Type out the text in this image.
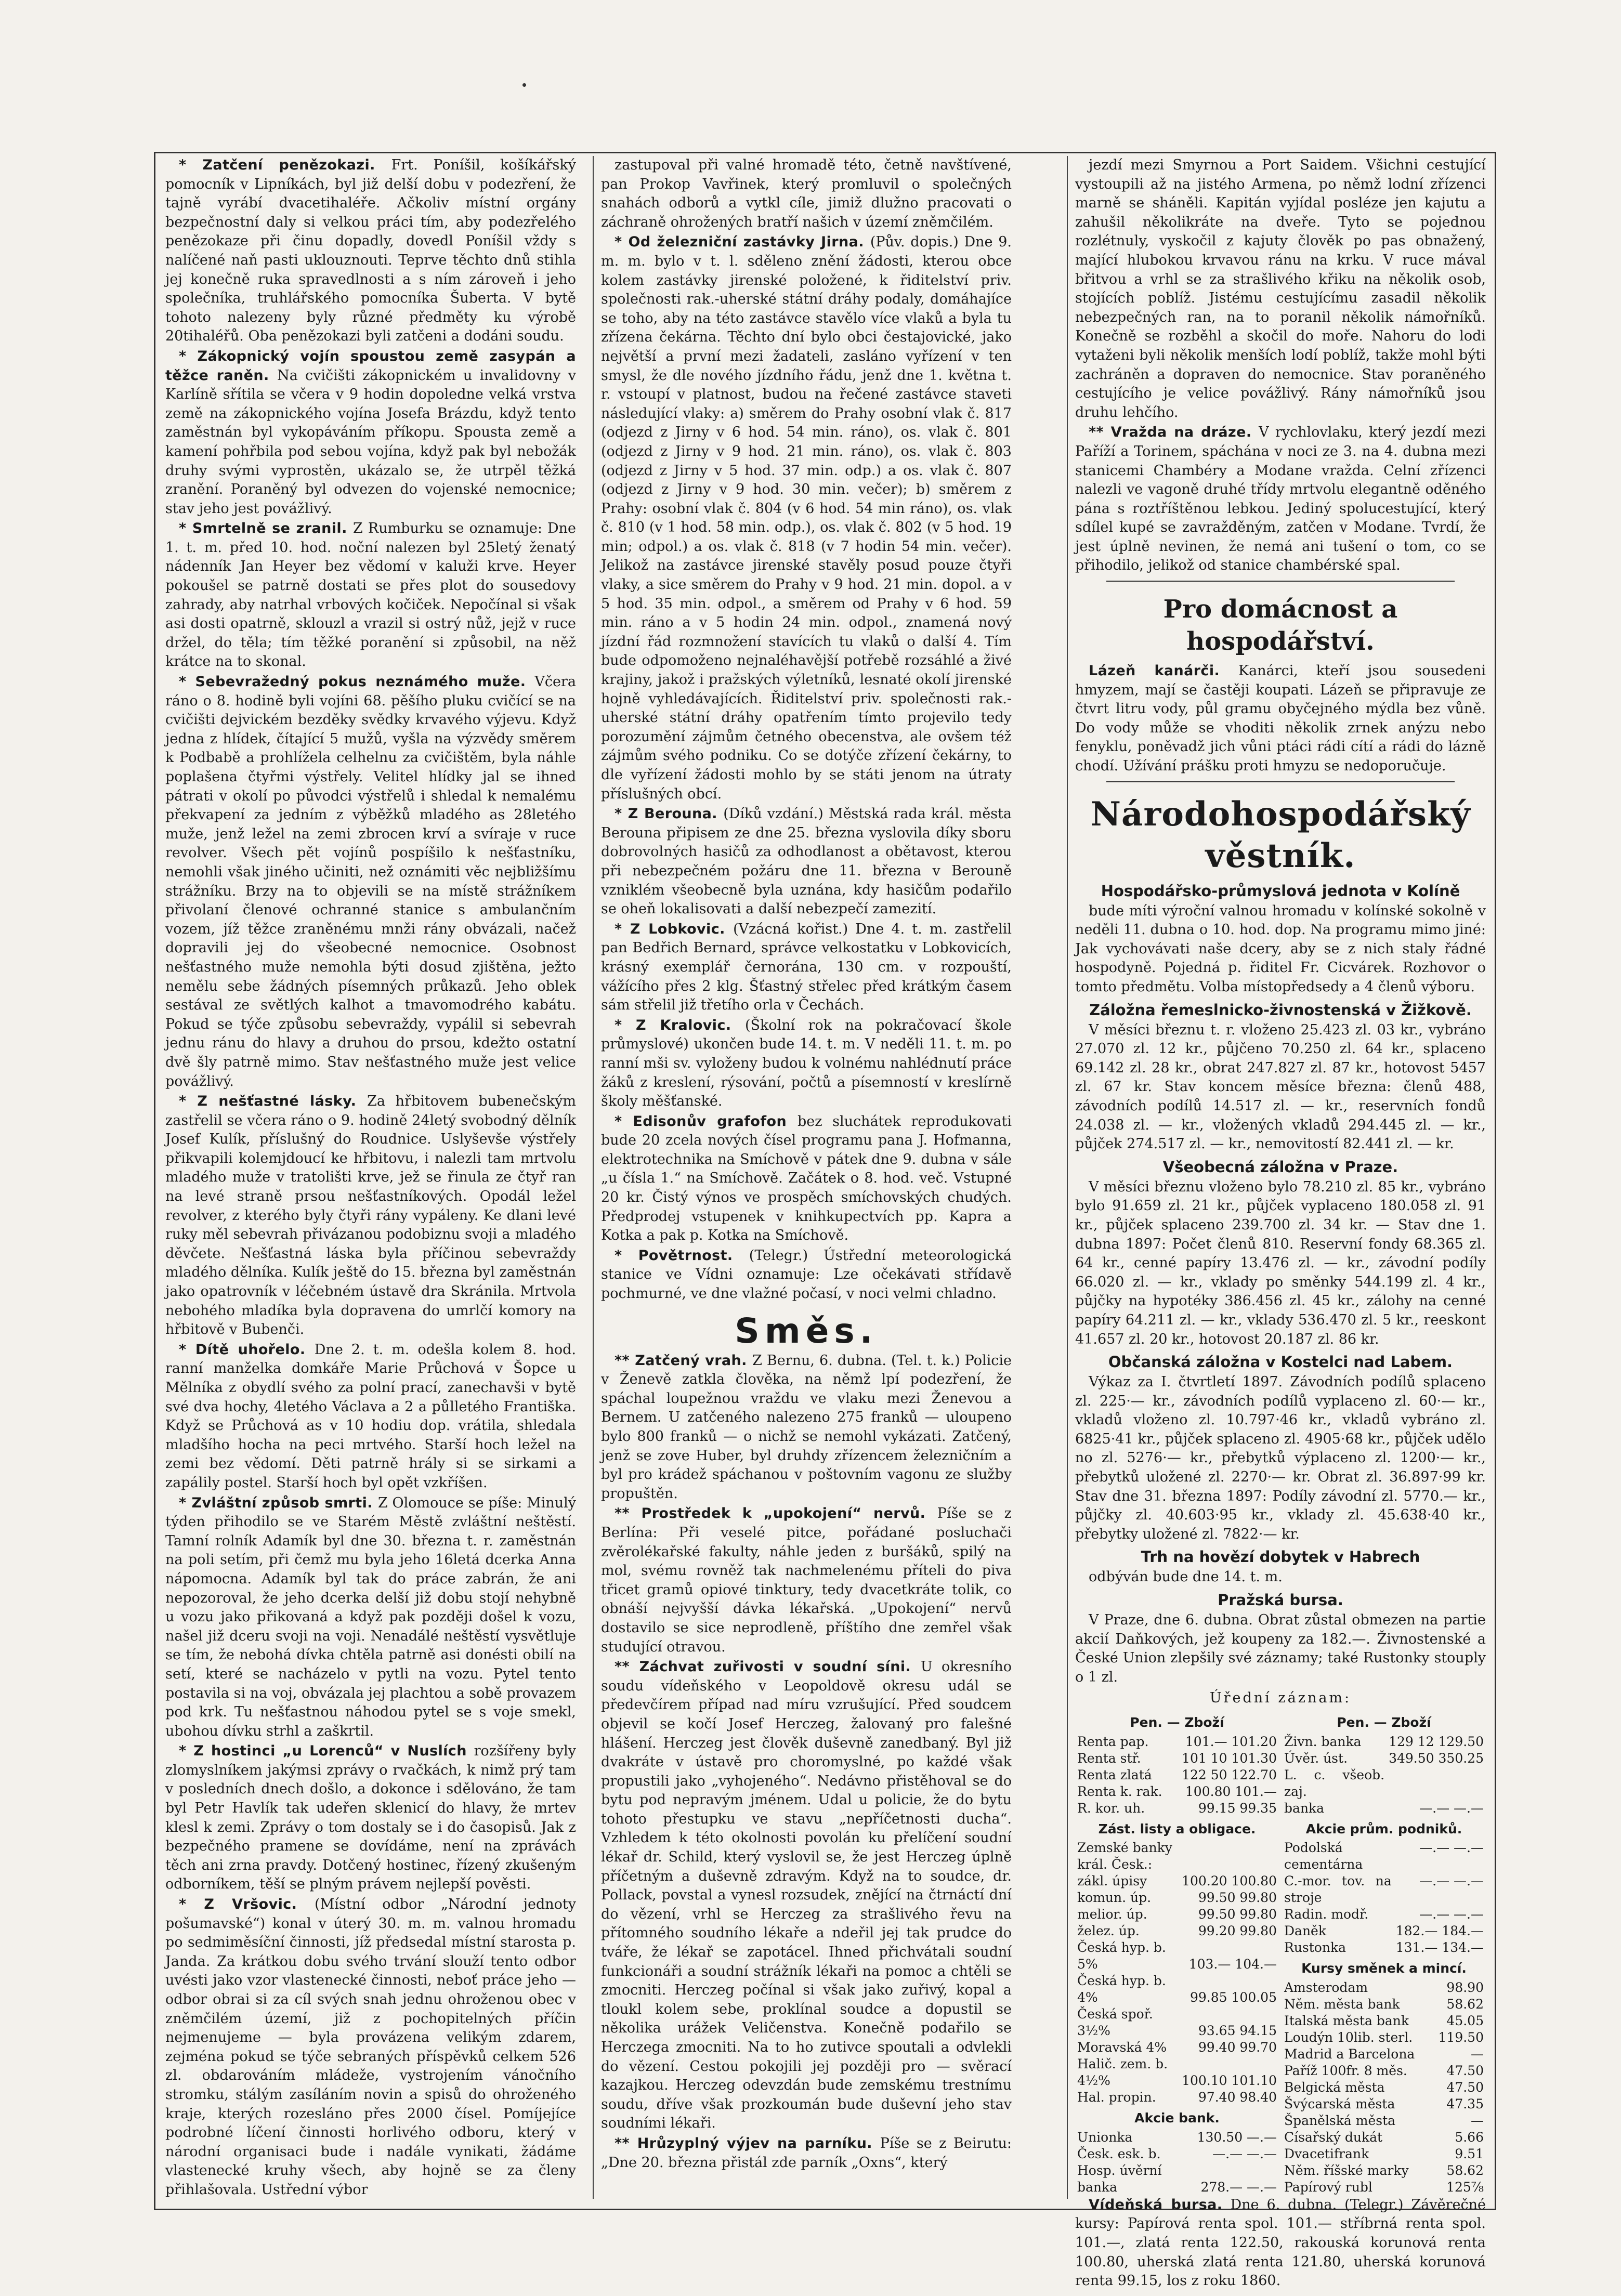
* Zatčení penězokazi. Frt. Poníšil, košíkářský pomocník v Lipníkách, byl již delší dobu v podezření, že tajně vyrábí dvacetihaléře. Ačkoliv místní orgány bezpečnostní daly si velkou práci tím, aby podezřelého penězokaze při činu dopadly, dovedl Poníšil vždy s nalíčené naň pasti uklouznouti. Teprve těchto dnů stihla jej konečně ruka spravedlnosti a s ním zároveň i jeho společníka, truhlářského pomocníka Šuberta. V bytě tohoto nalezeny byly různé předměty ku výrobě 20tihaléřů. Oba penězokazi byli zatčeni a dodáni soudu.
* Zákopnický vojín spoustou země zasypán a těžce raněn. Na cvičišti zákopnickém u invalidovny v Karlíně sřítila se včera v 9 hodin dopoledne velká vrstva země na zákopnického vojína Josefa Brázdu, když tento zaměstnán byl vykopáváním příkopu. Spousta země a kamení pohřbila pod sebou vojína, když pak byl nebožák druhy svými vyprostěn, ukázalo se, že utrpěl těžká zranění. Poraněný byl odvezen do vojenské nemocnice; stav jeho jest povážlivý.
* Smrtelně se zranil. Z Rumburku se oznamuje: Dne 1. t. m. před 10. hod. noční nalezen byl 25letý ženatý nádenník Jan Heyer bez vědomí v kaluži krve. Heyer pokoušel se patrně dostati se přes plot do sousedovy zahrady, aby natrhal vrbových kočiček. Nepočínal si však asi dosti opatrně, sklouzl a vrazil si ostrý nůž, jejž v ruce držel, do těla; tím těžké poranění si způsobil, na něž krátce na to skonal.
* Sebevražedný pokus neznámého muže. Včera ráno o 8. hodině byli vojíni 68. pěšího pluku cvičící se na cvičišti dejvickém bezděky svědky krvavého výjevu. Když jedna z hlídek, čítající 5 mužů, vyšla na výzvědy směrem k Podbabě a prohlížela celhelnu za cvičištěm, byla náhle poplašena čtyřmi výstřely. Velitel hlídky jal se ihned pátrati v okolí po původci výstřelů i shledal k nemalému překvapení za jedním z výběžků mladého as 28letého muže, jenž ležel na zemi zbrocen krví a svíraje v ruce revolver. Všech pět vojínů pospíšilo k nešťastníku, nemohli však jiného učiniti, než oznámiti věc nejbližšímu strážníku. Brzy na to objevili se na místě strážníkem přivolaní členové ochranné stanice s ambulančním vozem, jíž těžce zraněnému mnži rány obvázali, načež dopravili jej do všeobecné nemocnice. Osobnost nešťastného muže nemohla býti dosud zjištěna, ježto nemělu sebe žádných písemných průkazů. Jeho oblek sestával ze světlých kalhot a tmavomodrého kabátu. Pokud se týče způsobu sebevraždy, vypálil si sebevrah jednu ránu do hlavy a druhou do prsou, kdežto ostatní dvě šly patrně mimo. Stav nešťastného muže jest velice povážlivý.
* Z nešťastné lásky. Za hřbitovem bubenečským zastřelil se včera ráno o 9. hodině 24letý svobodný dělník Josef Kulík, příslušný do Roudnice. Uslyševše výstřely přikvapili kolemjdoucí ke hřbitovu, i nalezli tam mrtvolu mladého muže v tratolišti krve, jež se řinula ze čtyř ran na levé straně prsou nešťastníkových. Opodál ležel revolver, z kterého byly čtyři rány vypáleny. Ke dlani levé ruky měl sebevrah přivázanou podobiznu svoji a mladého děvčete. Nešťastná láska byla příčinou sebevraždy mladého dělníka. Kulík ještě do 15. března byl zaměstnán jako opatrovník v léčebném ústavě dra Skránila. Mrtvola nebohého mladíka byla dopravena do umrlčí komory na hřbitově v Bubenči.
* Dítě uhořelo. Dne 2. t. m. odešla kolem 8. hod. ranní manželka domkáře Marie Průchová v Šopce u Mělníka z obydlí svého za polní prací, zanechavši v bytě své dva hochy, 4letého Václava a 2 a půlletého Františka. Když se Průchová as v 10 hodiu dop. vrátila, shledala mladšího hocha na peci mrtvého. Starší hoch ležel na zemi bez vědomí. Děti patrně hrály si se sirkami a zapálily postel. Starší hoch byl opět vzkříšen.
* Zvláštní způsob smrti. Z Olomouce se píše: Minulý týden přihodilo se ve Starém Městě zvláštní neštěstí. Tamní rolník Adamík byl dne 30. března t. r. zaměstnán na poli setím, při čemž mu byla jeho 16letá dcerka Anna nápomocna. Adamík byl tak do práce zabrán, že ani nepozoroval, že jeho dcerka delší již dobu stojí nehybně u vozu jako přikovaná a když pak později došel k vozu, našel již dceru svoji na voji. Nenadálé neštěstí vysvětluje se tím, že nebohá dívka chtěla patrně asi donésti obilí na setí, které se nacházelo v pytli na vozu. Pytel tento postavila si na voj, obvázala jej plachtou a sobě provazem pod krk. Tu nešťastnou náhodou pytel se s voje smekl, ubohou dívku strhl a zaškrtil.
* Z hostinci „u Lorenců“ v Nuslích rozšířeny byly zlomyslníkem jakýmsi zprávy o rvačkách, k nimž prý tam v posledních dnech došlo, a dokonce i sdělováno, že tam byl Petr Havlík tak udeřen sklenicí do hlavy, že mrtev klesl k zemi. Zprávy o tom dostaly se i do časopisů. Jak z bezpečného pramene se dovídáme, není na zprávách těch ani zrna pravdy. Dotčený hostinec, řízený zkušeným odborníkem, těší se plným právem nejlepší pověsti.
* Z Vršovic. (Místní odbor „Národní jednoty pošumavské“) konal v úterý 30. m. m. valnou hromadu po sedmiměsíční činnosti, jíž předsedal místní starosta p. Janda. Za krátkou dobu svého trvání slouží tento odbor uvésti jako vzor vlastenecké činnosti, neboť práce jeho — odbor obrai si za cíl svých snah jednu ohroženou obec v zněmčilém území, již z pochopitelných příčin nejmenujeme — byla provázena velikým zdarem, zejména pokud se týče sebraných příspěvků celkem 526 zl. obdarováním mládeže, vystrojením vánočního stromku, stálým zasíláním novin a spisů do ohroženého kraje, kterých rozesláno přes 2000 čísel. Pomíjejíce podrobné líčení činnosti horlivého odboru, který v národní organisaci bude i nadále vynikati, žádáme vlastenecké kruhy všech, aby hojně se za členy přihlašovala. Ustřední výbor
zastupoval při valné hromadě této, četně navštívené, pan Prokop Vavřinek, který promluvil o společných snahách odborů a vytkl cíle, jimiž dlužno pracovati o záchraně ohrožených bratří našich v území zněmčilém.
* Od železniční zastávky Jirna. (Pův. dopis.) Dne 9. m. m. bylo v t. l. sděleno znění žádosti, kterou obce kolem zastávky jirenské položené, k řiditelství priv. společnosti rak.-uherské státní dráhy podaly, domáhajíce se toho, aby na této zastávce stavělo více vlaků a byla tu zřízena čekárna. Těchto dní bylo obci čestajovické, jako největší a první mezi žadateli, zasláno vyřízení v ten smysl, že dle nového jízdního řádu, jenž dne 1. května t. r. vstoupí v platnost, budou na řečené zastávce staveti následující vlaky: a) směrem do Prahy osobní vlak č. 817 (odjezd z Jirny v 6 hod. 54 min. ráno), os. vlak č. 801 (odjezd z Jirny v 9 hod. 21 min. ráno), os. vlak č. 803 (odjezd z Jirny v 5 hod. 37 min. odp.) a os. vlak č. 807 (odjezd z Jirny v 9 hod. 30 min. večer); b) směrem z Prahy: osobní vlak č. 804 (v 6 hod. 54 min ráno), os. vlak č. 810 (v 1 hod. 58 min. odp.), os. vlak č. 802 (v 5 hod. 19 min; odpol.) a os. vlak č. 818 (v 7 hodin 54 min. večer). Jelikož na zastávce jirenské stavěly posud pouze čtyři vlaky, a sice směrem do Prahy v 9 hod. 21 min. dopol. a v 5 hod. 35 min. odpol., a směrem od Prahy v 6 hod. 59 min. ráno a v 5 hodin 24 min. odpol., znamená nový jízdní řád rozmnožení stavících tu vlaků o další 4. Tím bude odpomoženo nejnaléhavější potřebě rozsáhlé a živé krajiny, jakož i pražských výletníků, lesnaté okolí jirenské hojně vyhledávajících. Řiditelství priv. společnosti rak.-uherské státní dráhy opatřením tímto projevilo tedy porozumění zájmům četného obecenstva, ale ovšem též zájmům svého podniku. Co se dotýče zřízení čekárny, to dle vyřízení žádosti mohlo by se státi jenom na útraty příslušných obcí.
* Z Berouna. (Díků vzdání.) Městská rada král. města Berouna připisem ze dne 25. března vyslovila díky sboru dobrovolných hasičů za odhodlanost a obětavost, kterou při nebezpečném požáru dne 11. března v Berouně vzniklém všeobecně byla uznána, kdy hasičům podařilo se oheň lokalisovati a další nebezpečí zamezití.
* Z Lobkovic. (Vzácná kořist.) Dne 4. t. m. zastřelil pan Bedřich Bernard, správce velkostatku v Lobkovicích, krásný exemplář černorána, 130 cm. v rozpouští, vážícího přes 2 klg. Šťastný střelec před krátkým časem sám střelil již třetího orla v Čechách.
* Z Kralovic. (Školní rok na pokračovací škole průmyslové) ukončen bude 14. t. m. V neděli 11. t. m. po ranní mši sv. vyloženy budou k volnému nahlédnutí práce žáků z kreslení, rýsování, počtů a písemností v kreslírně školy měšťanské.
* Edisonův grafofon bez sluchátek reprodukovati bude 20 zcela nových čísel programu pana J. Hofmanna, elektrotechnika na Smíchově v pátek dne 9. dubna v sále „u čísla 1.“ na Smíchově. Začátek o 8. hod. več. Vstupné 20 kr. Čistý výnos ve prospěch smíchovských chudých. Předprodej vstupenek v knihkupectvích pp. Kapra a Kotka a pak p. Kotka na Smíchově.
* Povětrnost. (Telegr.) Ústřední meteorologická stanice ve Vídni oznamuje: Lze očekávati střídavě pochmurné, ve dne vlažné počasí, v noci velmi chladno.
Směs.
** Zatčený vrah. Z Bernu, 6. dubna. (Tel. t. k.) Policie v Ženevě zatkla člověka, na němž lpí podezření, že spáchal loupežnou vraždu ve vlaku mezi Ženevou a Bernem. U zatčeného nalezeno 275 franků — uloupeno bylo 800 franků — o nichž se nemohl vykázati. Zatčený, jenž se zove Huber, byl druhdy zřízencem železničním a byl pro krádež spáchanou v poštovním vagonu ze služby propuštěn.
** Prostředek k „upokojení“ nervů. Píše se z Berlína: Při veselé pitce, pořádané posluchači zvěrolékařské fakulty, náhle jeden z buršáků, spilý na mol, svému rovněž tak nachmelenému příteli do piva třicet gramů opiové tinktury, tedy dvacetkráte tolik, co obnáší nejvyšší dávka lékařská. „Upokojení“ nervů dostavilo se sice neprodleně, příštího dne zemřel však studující otravou.
** Záchvat zuřivosti v soudní síni. U okresního soudu vídeňského v Leopoldově okresu udál se předevčírem případ nad míru vzrušující. Před soudcem objevil se kočí Josef Herczeg, žalovaný pro falešné hlášení. Herczeg jest člověk duševně zanedbaný. Byl již dvakráte v ústavě pro choromyslné, po každé však propustili jako „vyhojeného“. Nedávno přistěhoval se do bytu pod nepravým jménem. Udal u policie, že do bytu tohoto přestupku ve stavu „nepříčetnosti ducha“. Vzhledem k této okolnosti povolán ku přelíčení soudní lékař dr. Schild, který vyslovil se, že jest Herczeg úplně příčetným a duševně zdravým. Když na to soudce, dr. Pollack, povstal a vynesl rozsudek, znějící na čtrnáctí dní do vězení, vrhl se Herczeg za strašlivého řevu na přítomného soudního lékaře a ndeřil jej tak prudce do tváře, že lékař se zapotácel. Ihned přichvátali soudní funkcionáři a soudní strážník lékaři na pomoc a chtěli se zmocniti. Herczeg počínal si však jako zuřivý, kopal a tloukl kolem sebe, proklínal soudce a dopustil se několika urážek Veličenstva. Konečně podařilo se Herczega zmocniti. Na to ho zutivce spoutali a odvlekli do vězení. Cestou pokojili jej později pro — svěrací kazajkou. Herczeg odevzdán bude zemskému trestnímu soudu, dříve však prozkoumán bude duševní jeho stav soudními lékaři.
** Hrůzyplný výjev na parníku. Píše se z Beirutu: „Dne 20. března přistál zde parník „Oxns“, který
jezdí mezi Smyrnou a Port Saidem. Všichni cestující vystoupili až na jistého Armena, po němž lodní zřízenci marně se sháněli. Kapitán vyjídal posléze jen kajutu a zahušil několikráte na dveře. Tyto se pojednou rozlétnuly, vyskočil z kajuty člověk po pas obnažený, mající hlubokou krvavou ránu na krku. V ruce mával břitvou a vrhl se za strašlivého křiku na několik osob, stojících poblíž. Jistému cestujícímu zasadil několik nebezpečných ran, na to poranil několik námořníků. Konečně se rozběhl a skočil do moře. Nahoru do lodi vytaženi byli několik menších lodí poblíž, takže mohl býti zachráněn a dopraven do nemocnice. Stav poraněného cestujícího je velice povážlivý. Rány námořníků jsou druhu lehčího.
** Vražda na dráze. V rychlovlaku, který jezdí mezi Paříží a Torinem, spáchána v noci ze 3. na 4. dubna mezi stanicemi Chambéry a Modane vražda. Celní zřízenci nalezli ve vagoně druhé třídy mrtvolu elegantně oděného pána s roztříštěnou lebkou. Jediný spolucestující, který sdílel kupé se zavražděným, zatčen v Modane. Tvrdí, že jest úplně nevinen, že nemá ani tušení o tom, co se přihodilo, jelikož od stanice chambérské spal.
Pro domácnost a hospodářství.
Lázeň kanárči. Kanárci, kteří jsou sousedeni hmyzem, mají se častěji koupati. Lázeň se připravuje ze čtvrt litru vody, půl gramu obyčejného mýdla bez vůně. Do vody může se vhoditi několik zrnek anýzu nebo fenyklu, poněvadž jich vůni ptáci rádi cítí a rádi do lázně chodí. Užívání prášku proti hmyzu se nedoporučuje.
Národohospodářský věstník.
Hospodářsko-průmyslová jednota v Kolíně
bude míti výroční valnou hromadu v kolínské sokolně v neděli 11. dubna o 10. hod. dop. Na programu mimo jiné: Jak vychovávati naše dcery, aby se z nich staly řádné hospodyně. Pojedná p. řiditel Fr. Cicvárek. Rozhovor o tomto předmětu. Volba místopředsedy a 4 členů výboru.
Záložna řemeslnicko-živnostenská v Žižkově.
V měsíci březnu t. r. vloženo 25.423 zl. 03 kr., vybráno 27.070 zl. 12 kr., půjčeno 70.250 zl. 64 kr., splaceno 69.142 zl. 28 kr., obrat 247.827 zl. 87 kr., hotovost 5457 zl. 67 kr. Stav koncem měsíce března: členů 488, závodních podílů 14.517 zl. — kr., reservních fondů 24.038 zl. — kr., vložených vkladů 294.445 zl. — kr., půjček 274.517 zl. — kr., nemovitostí 82.441 zl. — kr.
Všeobecná záložna v Praze.
V měsíci březnu vloženo bylo 78.210 zl. 85 kr., vybráno bylo 91.659 zl. 21 kr., půjček vyplaceno 180.058 zl. 91 kr., půjček splaceno 239.700 zl. 34 kr. — Stav dne 1. dubna 1897: Počet členů 810. Reservní fondy 68.365 zl. 64 kr., cenné papíry 13.476 zl. — kr., závodní podíly 66.020 zl. — kr., vklady po směnky 544.199 zl. 4 kr., půjčky na hypotéky 386.456 zl. 45 kr., zálohy na cenné papíry 64.211 zl. — kr., vklady 536.470 zl. 5 kr., reeskont 41.657 zl. 20 kr., hotovost 20.187 zl. 86 kr.
Občanská záložna v Kostelci nad Labem.
Výkaz za I. čtvrtletí 1897. Závodních podílů splaceno zl. 225·— kr., závodních podílů vyplaceno zl. 60·— kr., vkladů vloženo zl. 10.797·46 kr., vkladů vybráno zl. 6825·41 kr., půjček splaceno zl. 4905·68 kr., půjček udělo no zl. 5276·— kr., přebytků výplaceno zl. 1200·— kr., přebytků uložené zl. 2270·— kr. Obrat zl. 36.897·99 kr. Stav dne 31. března 1897: Podíly závodní zl. 5770.— kr., půjčky zl. 40.603·95 kr., vklady zl. 45.638·40 kr., přebytky uložené zl. 7822·— kr.
Trh na hovězí dobytek v Habrech
odbýván bude dne 14. t. m.
Pražská bursa.
V Praze, dne 6. dubna. Obrat zůstal obmezen na partie akcií Daňkových, jež koupeny za 182.—. Živnostenské a České Union zlepšily své záznamy; také Rustonky stouply o 1 zl.
Úřední záznam:
Pen. — Zboží
Renta pap.	101.— 101.20
Renta stř.	101 10 101.30
Renta zlatá	122 50 122.70
Renta k. rak.	100.80 101.—
R. kor. uh.	99.15 99.35
Zást. listy a obligace.
Zemské banky	
král. Česk.:	
zákl. úpisy	100.20 100.80
komun. úp.	99.50 99.80
melior. úp.	99.50 99.80
želez. úp.	99.20 99.80
Česká hyp. b.	
5%	103.— 104.—
Česká hyp. b.	
4%	99.85 100.05
Česká spoř.	
3½%	93.65 94.15
Moravská 4%	99.40 99.70
Halič. zem. b.	
4½%	100.10 101.10
Hal. propin.	97.40 98.40
Akcie bank.
Unionka	130.50 —.—
Česk. esk. b.	—.— —.—
Hosp. úvěrní	
banka	278.— —.—
Pen. — Zboží
Živn. banka	129 12 129.50
Úvěr. úst.	349.50 350.25
L. c. všeob. zaj.	
banka	—.— —.—
Akcie prům. podniků.
Podolská cementárna	—.— —.—
C.-mor. tov. na stroje	—.— —.—
Radin. modř.	—.— —.—
Daněk	182.— 184.—
Rustonka	131.— 134.—
Kursy směnek a mincí.
Amsterodam	98.90
Něm. města bank	58.62
Italská města bank	45.05
Loudýn 10lib. sterl.	119.50
Madrid a Barcelona	—
Paříž 100fr. 8 měs.	47.50
Belgická města	47.50
Švýcarská města	47.35
Španělská města	—
Císařský dukát	5.66
Dvacetifrank	9.51
Něm. říšské marky	58.62
Papírový rubl	125⅞
Vídeňská bursa. Dne 6. dubna. (Telegr.) Závěrečné kursy: Papírová renta spol. 101.— stříbrná renta spol. 101.—, zlatá renta 122.50, rakouská korunová renta 100.80, uherská zlatá renta 121.80, uherská korunová renta 99.15, los z roku 1860.
